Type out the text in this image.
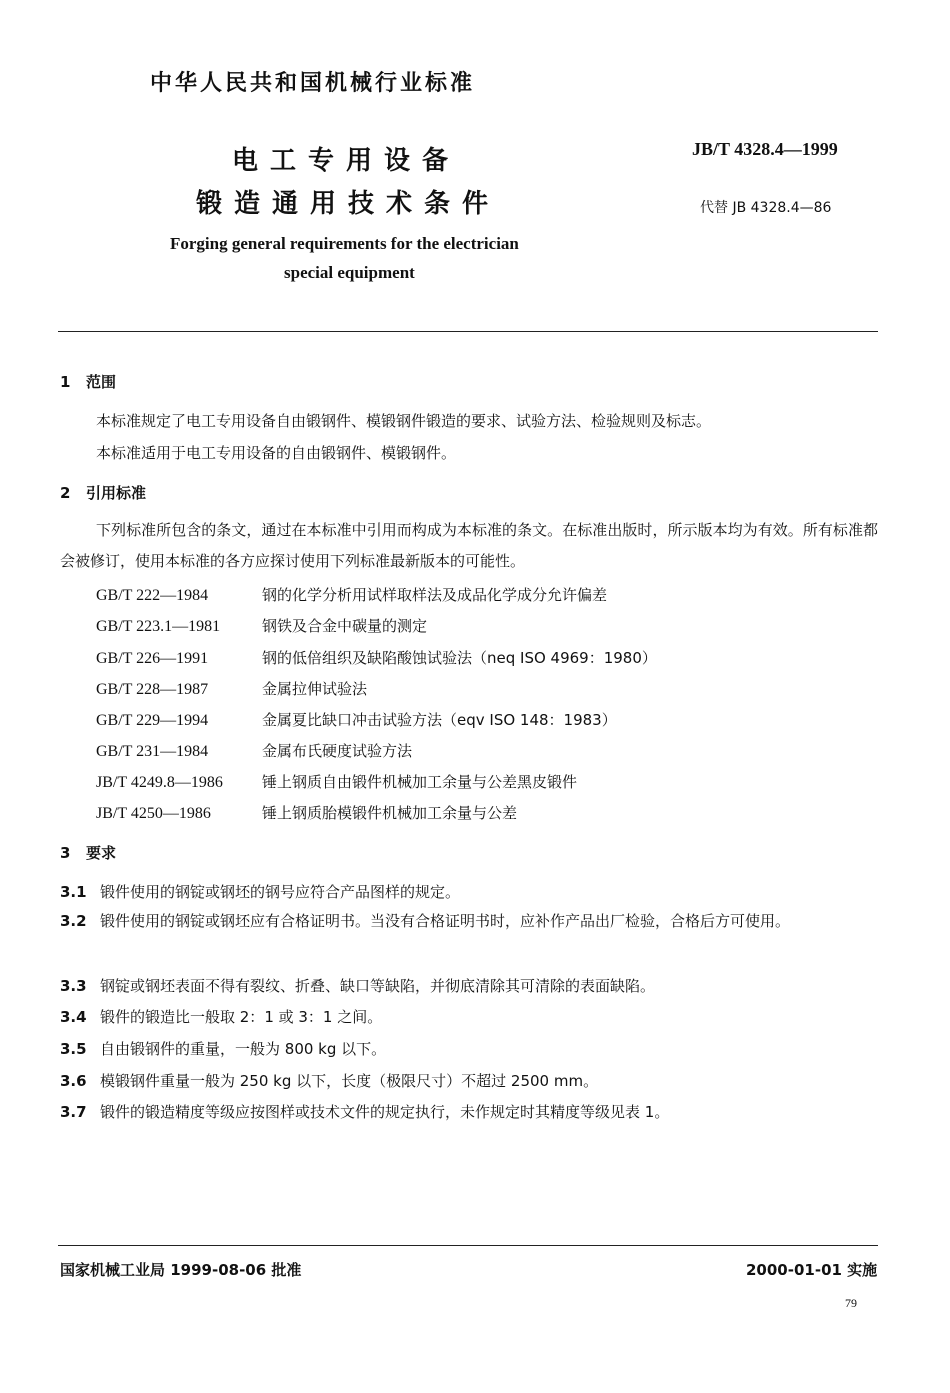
中华人民共和国机械行业标准
JB/T 4328.4—1999
代替 JB 4328.4—86
电工专用设备
锻造通用技术条件
Forging general requirements for the electrician
special equipment
1 范围
本标准规定了电工专用设备自由锻钢件、模锻钢件锻造的要求、试验方法、检验规则及标志。
本标准适用于电工专用设备的自由锻钢件、模锻钢件。
2 引用标准
下列标准所包含的条文，通过在本标准中引用而构成为本标准的条文。在标准出版时，所示版本均为有效。所有标准都会被修订，使用本标准的各方应探讨使用下列标准最新版本的可能性。
GB/T 222—1984	钢的化学分析用试样取样法及成品化学成分允许偏差
GB/T 223.1—1981	钢铁及合金中碳量的测定
GB/T 226—1991	钢的低倍组织及缺陷酸蚀试验法（neq ISO 4969：1980）
GB/T 228—1987	金属拉伸试验法
GB/T 229—1994	金属夏比缺口冲击试验方法（eqv ISO 148：1983）
GB/T 231—1984	金属布氏硬度试验方法
JB/T 4249.8—1986	锤上钢质自由锻件机械加工余量与公差黑皮锻件
JB/T 4250—1986	锤上钢质胎模锻件机械加工余量与公差
3 要求
3.1 锻件使用的钢锭或钢坯的钢号应符合产品图样的规定。
3.2 锻件使用的钢锭或钢坯应有合格证明书。当没有合格证明书时，应补作产品出厂检验，合格后方可使用。
3.3 钢锭或钢坯表面不得有裂纹、折叠、缺口等缺陷，并彻底清除其可清除的表面缺陷。
3.4 锻件的锻造比一般取 2：1 或 3：1 之间。
3.5 自由锻钢件的重量，一般为 800 kg 以下。
3.6 模锻钢件重量一般为 250 kg 以下，长度（极限尺寸）不超过 2500 mm。
3.7 锻件的锻造精度等级应按图样或技术文件的规定执行，未作规定时其精度等级见表 1。
国家机械工业局 1999-08-06 批准	2000-01-01 实施
79
